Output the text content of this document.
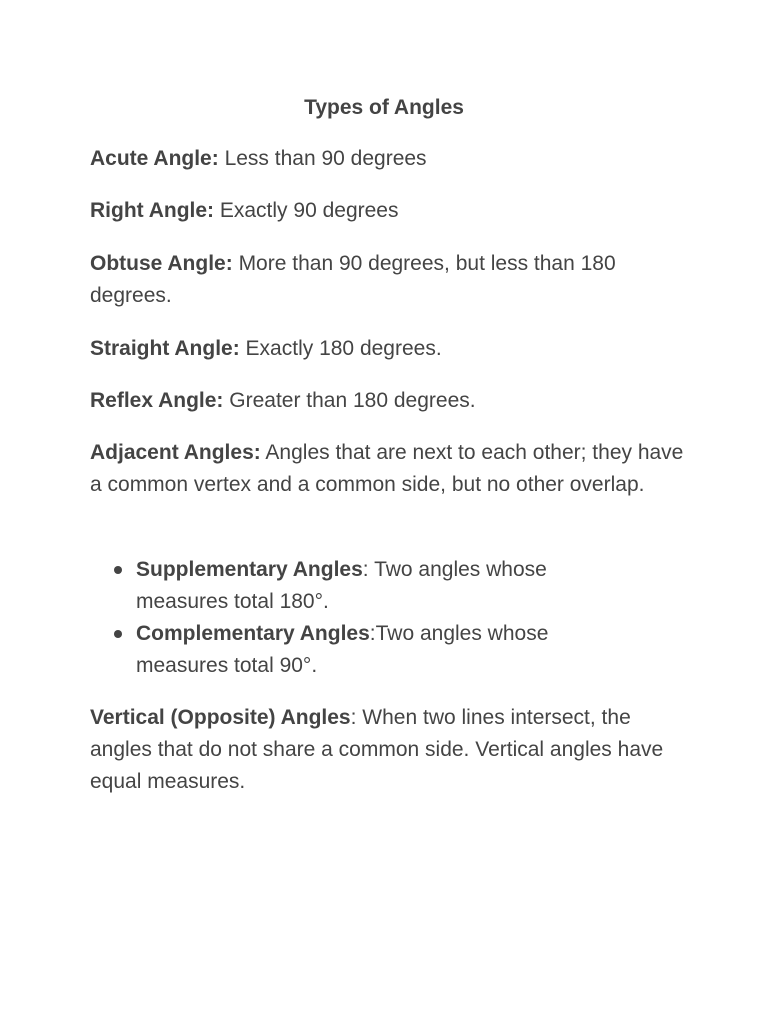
Types of Angles

Acute Angle: Less than 90 degrees

Right Angle: Exactly 90 degrees

Obtuse Angle: More than 90 degrees, but less than 180 degrees.

Straight Angle: Exactly 180 degrees.

Reflex Angle: Greater than 180 degrees.

Adjacent Angles: Angles that are next to each other; they have a common vertex and a common side, but no other overlap.

Supplementary Angles: Two angles whose measures total 180°.
Complementary Angles:Two angles whose measures total 90°.

Vertical (Opposite) Angles: When two lines intersect, the angles that do not share a common side. Vertical angles have equal measures.
